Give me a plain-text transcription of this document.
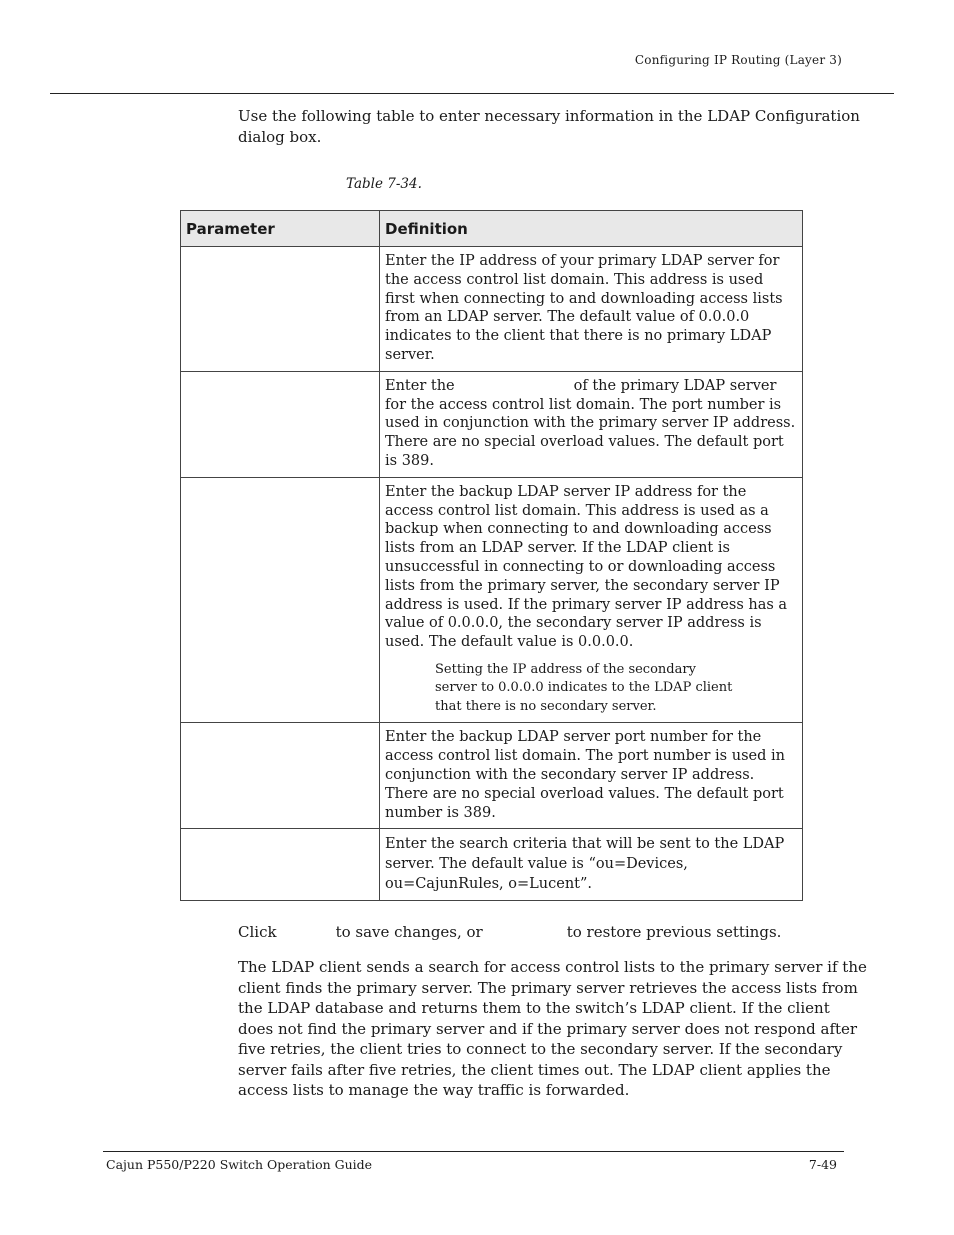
Configuring IP Routing (Layer 3)
Use the following table to enter necessary information in the LDAP Configuration dialog box.
Table 7-34.
Parameter	Definition
	Enter the IP address of your primary LDAP server for the access control list domain. This address is used first when connecting to and downloading access lists from an LDAP server. The default value of 0.0.0.0 indicates to the client that there is no primary LDAP server.
	Enter the of the primary LDAP server for the access control list domain. The port number is used in conjunction with the primary server IP address. There are no special overload values. The default port is 389.

	Enter the backup LDAP server IP address for the access control list domain. This address is used as a backup when connecting to and downloading access lists from an LDAP server. If the LDAP client is unsuccessful in connecting to or downloading access lists from the primary server, the secondary server IP address is used. If the primary server IP address has a value of 0.0.0.0, the secondary server IP address is used. The default value is 0.0.0.0.
Setting the IP address of the secondary server to 0.0.0.0 indicates to the LDAP client that there is no secondary server.

	Enter the backup LDAP server port number for the access control list domain. The port number is used in conjunction with the secondary server IP address. There are no special overload values. The default port number is 389.
	Enter the search criteria that will be sent to the LDAP server. The default value is “ou=Devices, ou=CajunRules, o=Lucent”.
Click	to save changes, or	to restore previous settings.
The LDAP client sends a search for access control lists to the primary server if the client finds the primary server. The primary server retrieves the access lists from the LDAP database and returns them to the switch’s LDAP client. If the client does not find the primary server and if the primary server does not respond after five retries, the client tries to connect to the secondary server. If the secondary server fails after five retries, the client times out. The LDAP client applies the access lists to manage the way traffic is forwarded.
Cajun P550/P220 Switch Operation Guide	7-49
